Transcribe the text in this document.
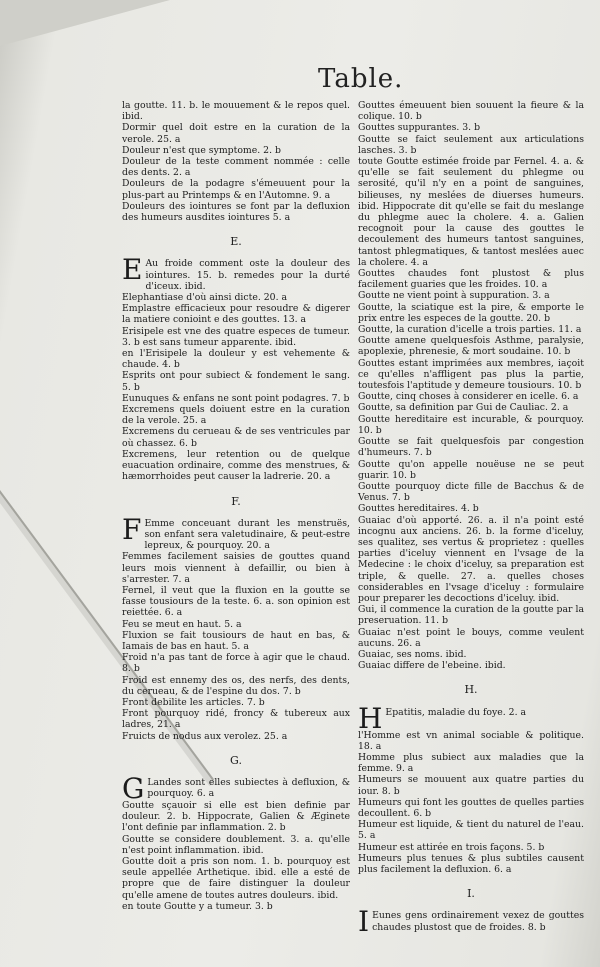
Table.

la goutte. 11. b. le mouuement & le repos quel. ibid.

Dormir quel doit estre en la curation de la verole. 25. a

Douleur n'est que symptome. 2. b

Douleur de la teste comment nommée : celle des dents. 2. a

Douleurs de la podagre s'émeuuent pour la plus-part au Printemps & en l'Automne. 9. a

Douleurs des iointures se font par la defluxion des humeurs ausdites iointures 5. a

E.

E Au froide comment oste la douleur des iointures. 15. b. remedes pour la durté d'iceux. ibid.

Elephantiase d'où ainsi dicte. 20. a

Emplastre efficacieux pour resoudre & digerer la matiere conioint e des gouttes. 13. a

Erisipele est vne des quatre especes de tumeur. 3. b est sans tumeur apparente. ibid.

en l'Erisipele la douleur y est vehemente & chaude. 4. b

Esprits ont pour subiect & fondement le sang. 5. b

Eunuques & enfans ne sont point podagres. 7. b

Excremens quels doiuent estre en la curation de la verole. 25. a

Excremens du cerueau & de ses ventricules par où chassez. 6. b

Excremens, leur retention ou de quelque euacuation ordinaire, comme des menstrues, & hæmorrhoides peut causer la ladrerie. 20. a

F.

F Emme conceuant durant les menstruës, son enfant sera valetudinaire, & peut-estre lepreux, & pourquoy. 20. a

Femmes facilement saisies de gouttes quand leurs mois viennent à defaillir, ou bien à s'arrester. 7. a

Fernel, il veut que la fluxion en la goutte se fasse tousiours de la teste. 6. a. son opinion est reiettée. 6. a

Feu se meut en haut. 5. a

Fluxion se fait tousiours de haut en bas, & Iamais de bas en haut. 5. a

Froid n'a pas tant de force à agir que le chaud. 8. b

Froid est ennemy des os, des nerfs, des dents, du cerueau, & de l'espine du dos. 7. b

Front debilite les articles. 7. b

Front pourquoy ridé, froncy & tubereux aux ladres, 21. a

Fruicts de nodus aux verolez. 25. a

G.

G Landes sont elles subiectes à defluxion, & pourquoy. 6. a

Goutte sçauoir si elle est bien definie par douleur. 2. b. Hippocrate, Galien & Æginete l'ont definie par inflammation. 2. b

Goutte se considere doublement. 3. a. qu'elle n'est point inflammation. ibid.

Goutte doit a pris son nom. 1. b. pourquoy est seule appellée Arthetique. ibid. elle a esté de propre que de faire distinguer la douleur qu'elle amene de toutes autres douleurs. ibid.

en toute Goutte y a tumeur. 3. b

Gouttes émeuuent bien souuent la fieure & la colique. 10. b

Gouttes suppurantes. 3. b

Goutte se faict seulement aux articulations lasches. 3. b

toute Goutte estimée froide par Fernel. 4. a. & qu'elle se fait seulement du phlegme ou serosité, qu'il n'y en a point de sanguines, bilieuses, ny meslées de diuerses humeurs. ibid. Hippocrate dit qu'elle se fait du meslange du phlegme auec la cholere. 4. a. Galien recognoit pour la cause des gouttes le decoulement des humeurs tantost sanguines, tantost phlegmatiques, & tantost meslées auec la cholere. 4. a

Gouttes chaudes font plustost & plus facilement guaries que les froides. 10. a

Goutte ne vient point à suppuration. 3. a

Goutte, la sciatique est la pire, & emporte le prix entre les especes de la goutte. 20. b

Goutte, la curation d'icelle a trois parties. 11. a

Goutte amene quelquesfois Asthme, paralysie, apoplexie, phrenesie, & mort soudaine. 10. b

Gouttes estant imprimées aux membres, iaçoit ce qu'elles n'affligent pas plus la partie, toutesfois l'aptitude y demeure tousiours. 10. b

Goutte, cinq choses à considerer en icelle. 6. a

Goutte, sa definition par Gui de Cauliac. 2. a

Goutte hereditaire est incurable, & pourquoy. 10. b

Goutte se fait quelquesfois par congestion d'humeurs. 7. b

Goutte qu'on appelle nouëuse ne se peut guarir. 10. b

Goutte pourquoy dicte fille de Bacchus & de Venus. 7. b

Gouttes hereditaires. 4. b

Guaiac d'où apporté. 26. a. il n'a point esté incognu aux anciens. 26. b. la forme d'iceluy, ses qualitez, ses vertus & proprietez : quelles parties d'iceluy viennent en l'vsage de la Medecine : le choix d'iceluy, sa preparation est triple, & quelle. 27. a. quelles choses considerables en l'vsage d'iceluy : formulaire pour preparer les decoctions d'iceluy. ibid.

Gui, il commence la curation de la goutte par la preseruation. 11. b

Guaiac n'est point le bouys, comme veulent aucuns. 26. a

Guaiac, ses noms. ibid.

Guaiac differe de l'ebeine. ibid.

H.

H Epatitis, maladie du foye. 2. a

l'Homme est vn animal sociable & politique. 18. a

Homme plus subiect aux maladies que la femme. 9. a

Humeurs se mouuent aux quatre parties du iour. 8. b

Humeurs qui font les gouttes de quelles parties decoullent. 6. b

Humeur est liquide, & tient du naturel de l'eau. 5. a

Humeur est attirée en trois façons. 5. b

Humeurs plus tenues & plus subtiles causent plus facilement la defluxion. 6. a

I.

I Eunes gens ordinairement vexez de gouttes chaudes plustost que de froides. 8. b
